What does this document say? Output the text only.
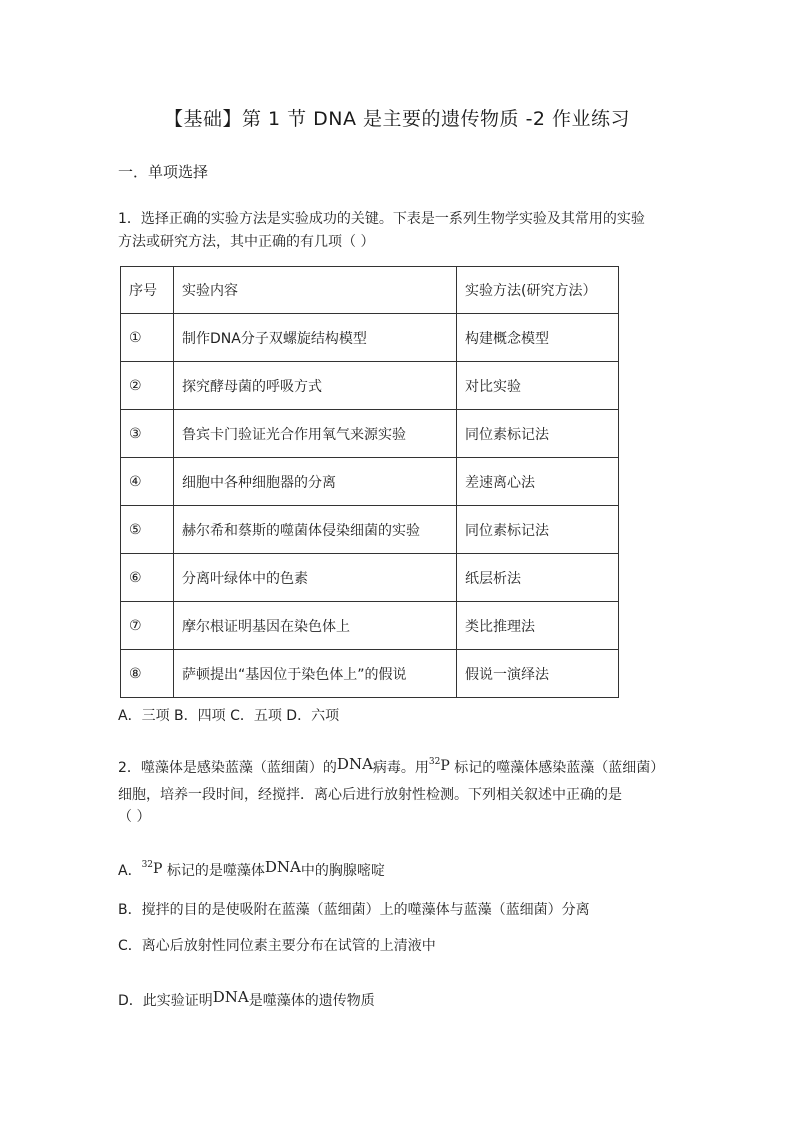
【基础】第 1 节 DNA 是主要的遗传物质 -2 作业练习
一．单项选择
1．选择正确的实验方法是实验成功的关键。下表是一系列生物学实验及其常用的实验
方法或研究方法，其中正确的有几项（ ）
序号	实验内容	实验方法(研究方法）
①	制作DNA分子双螺旋结构模型	构建概念模型
②	探究酵母菌的呼吸方式	对比实验
③	鲁宾卡门验证光合作用氧气来源实验	同位素标记法
④	细胞中各种细胞器的分离	差速离心法
⑤	赫尔希和蔡斯的噬菌体侵染细菌的实验	同位素标记法
⑥	分离叶绿体中的色素	纸层析法
⑦	摩尔根证明基因在染色体上	类比推理法
⑧	萨顿提出“基因位于染色体上”的假说	假说一演绎法
A．三项 B．四项 C．五项 D．六项
2．噬藻体是感染蓝藻（蓝细菌）的DNA病毒。用$^{32}$P 标记的噬藻体感染蓝藻（蓝细菌）
细胞，培养一段时间，经搅拌．离心后进行放射性检测。下列相关叙述中正确的是
（ ）
A．$^{32}$P 标记的是噬藻体DNA中的胸腺嘧啶
B．搅拌的目的是使吸附在蓝藻（蓝细菌）上的噬藻体与蓝藻（蓝细菌）分离
C．离心后放射性同位素主要分布在试管的上清液中
D．此实验证明DNA是噬藻体的遗传物质
